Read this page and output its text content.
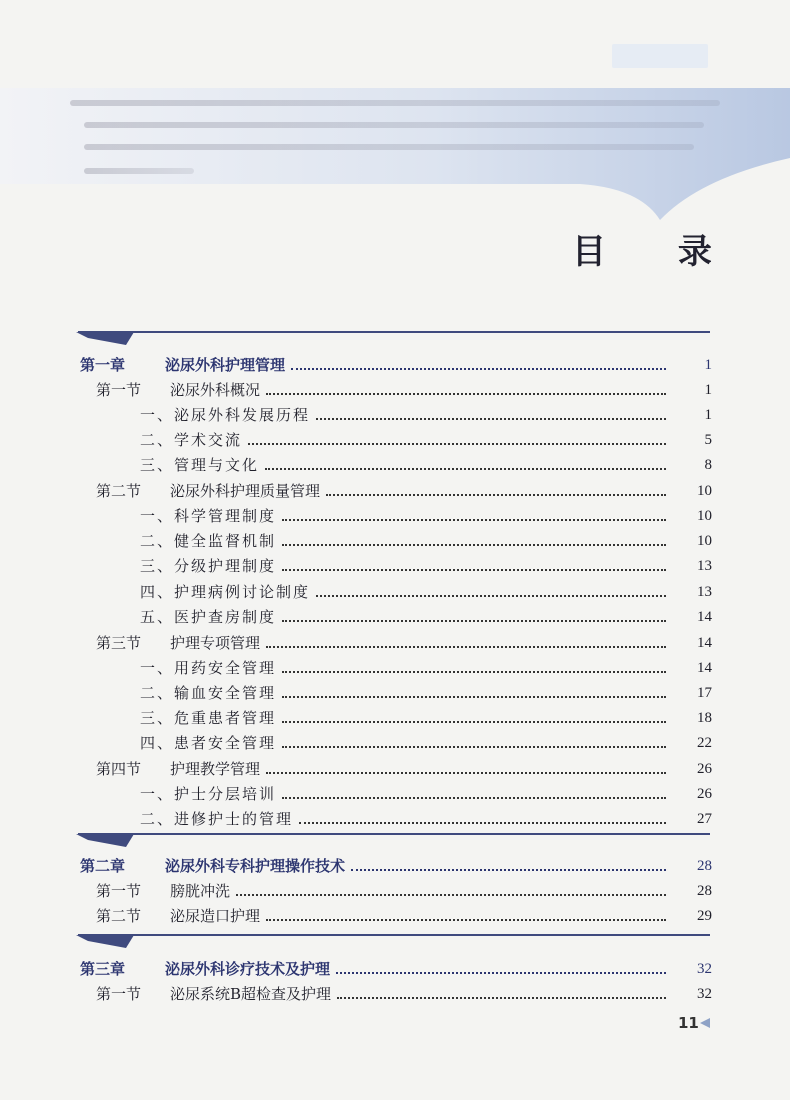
目 录
第一章	泌尿外科护理管理	1
第一节 泌尿外科概况	1
一、泌尿外科发展历程	1
二、学术交流	5
三、管理与文化	8
第二节 泌尿外科护理质量管理	10
一、科学管理制度	10
二、健全监督机制	10
三、分级护理制度	13
四、护理病例讨论制度	13
五、医护查房制度	14
第三节 护理专项管理	14
一、用药安全管理	14
二、输血安全管理	17
三、危重患者管理	18
四、患者安全管理	22
第四节 护理教学管理	26
一、护士分层培训	26
二、进修护士的管理	27
第二章	泌尿外科专科护理操作技术	28
第一节 膀胱冲洗	28
第二节 泌尿造口护理	29
第三章	泌尿外科诊疗技术及护理	32
第一节 泌尿系统B超检查及护理	32
11
